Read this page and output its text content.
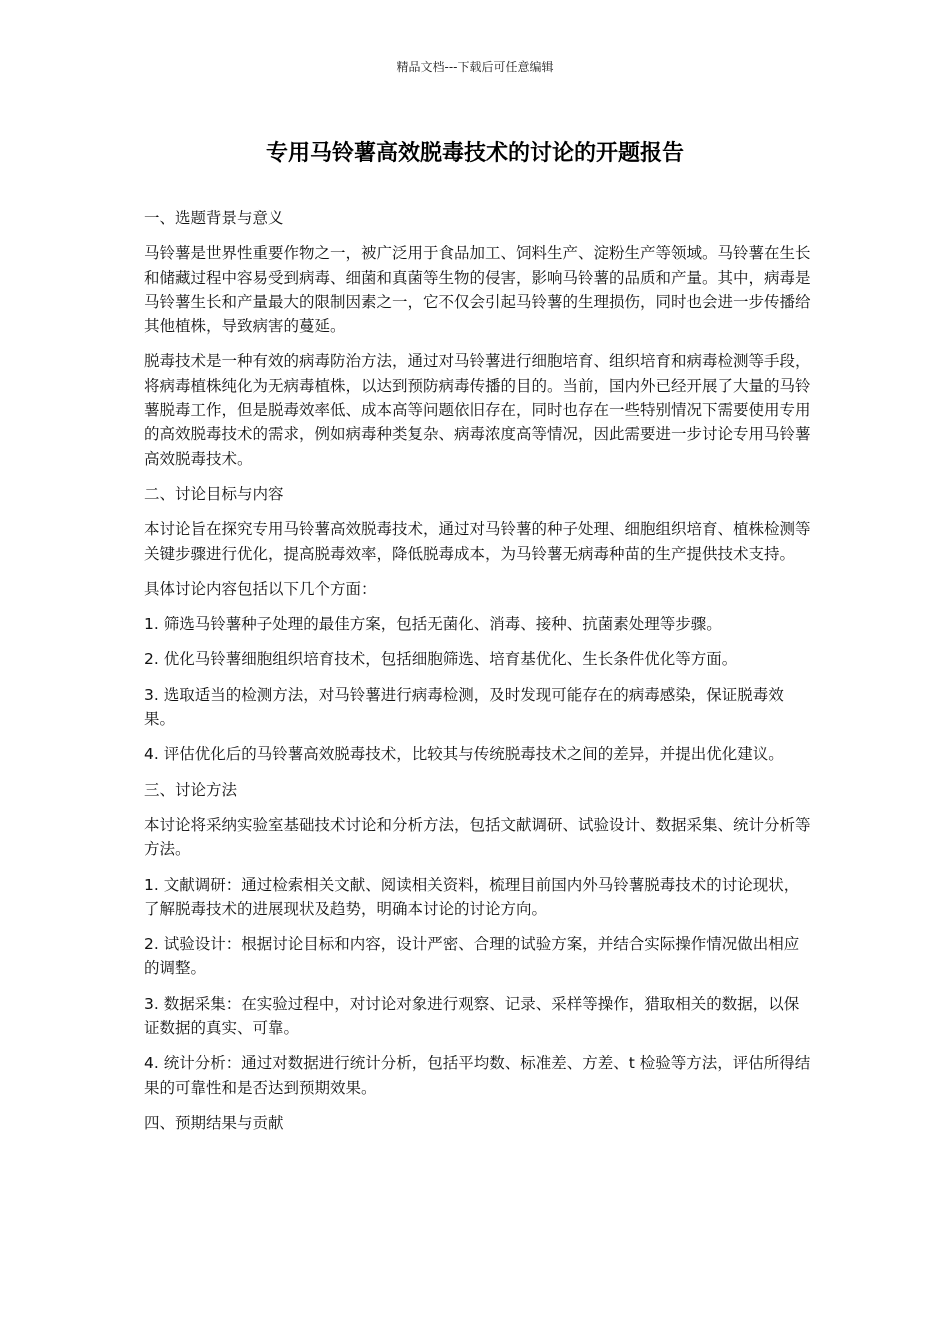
精品文档---下载后可任意编辑
专用马铃薯高效脱毒技术的讨论的开题报告
一、选题背景与意义

马铃薯是世界性重要作物之一，被广泛用于食品加工、饲料生产、淀粉生产等领域。马铃薯在生长和储藏过程中容易受到病毒、细菌和真菌等生物的侵害，影响马铃薯的品质和产量。其中，病毒是马铃薯生长和产量最大的限制因素之一，它不仅会引起马铃薯的生理损伤，同时也会进一步传播给其他植株，导致病害的蔓延。

脱毒技术是一种有效的病毒防治方法，通过对马铃薯进行细胞培育、组织培育和病毒检测等手段，将病毒植株纯化为无病毒植株，以达到预防病毒传播的目的。当前，国内外已经开展了大量的马铃薯脱毒工作，但是脱毒效率低、成本高等问题依旧存在，同时也存在一些特别情况下需要使用专用的高效脱毒技术的需求，例如病毒种类复杂、病毒浓度高等情况，因此需要进一步讨论专用马铃薯高效脱毒技术。

二、讨论目标与内容

本讨论旨在探究专用马铃薯高效脱毒技术，通过对马铃薯的种子处理、细胞组织培育、植株检测等关键步骤进行优化，提高脱毒效率，降低脱毒成本，为马铃薯无病毒种苗的生产提供技术支持。

具体讨论内容包括以下几个方面：

1. 筛选马铃薯种子处理的最佳方案，包括无菌化、消毒、接种、抗菌素处理等步骤。
2. 优化马铃薯细胞组织培育技术，包括细胞筛选、培育基优化、生长条件优化等方面。
3. 选取适当的检测方法，对马铃薯进行病毒检测，及时发现可能存在的病毒感染，保证脱毒效果。
4. 评估优化后的马铃薯高效脱毒技术，比较其与传统脱毒技术之间的差异，并提出优化建议。
三、讨论方法

本讨论将采纳实验室基础技术讨论和分析方法，包括文献调研、试验设计、数据采集、统计分析等方法。

1. 文献调研：通过检索相关文献、阅读相关资料，梳理目前国内外马铃薯脱毒技术的讨论现状，了解脱毒技术的进展现状及趋势，明确本讨论的讨论方向。
2. 试验设计：根据讨论目标和内容，设计严密、合理的试验方案，并结合实际操作情况做出相应的调整。
3. 数据采集：在实验过程中，对讨论对象进行观察、记录、采样等操作，猎取相关的数据，以保证数据的真实、可靠。
4. 统计分析：通过对数据进行统计分析，包括平均数、标准差、方差、t 检验等方法，评估所得结果的可靠性和是否达到预期效果。
四、预期结果与贡献
